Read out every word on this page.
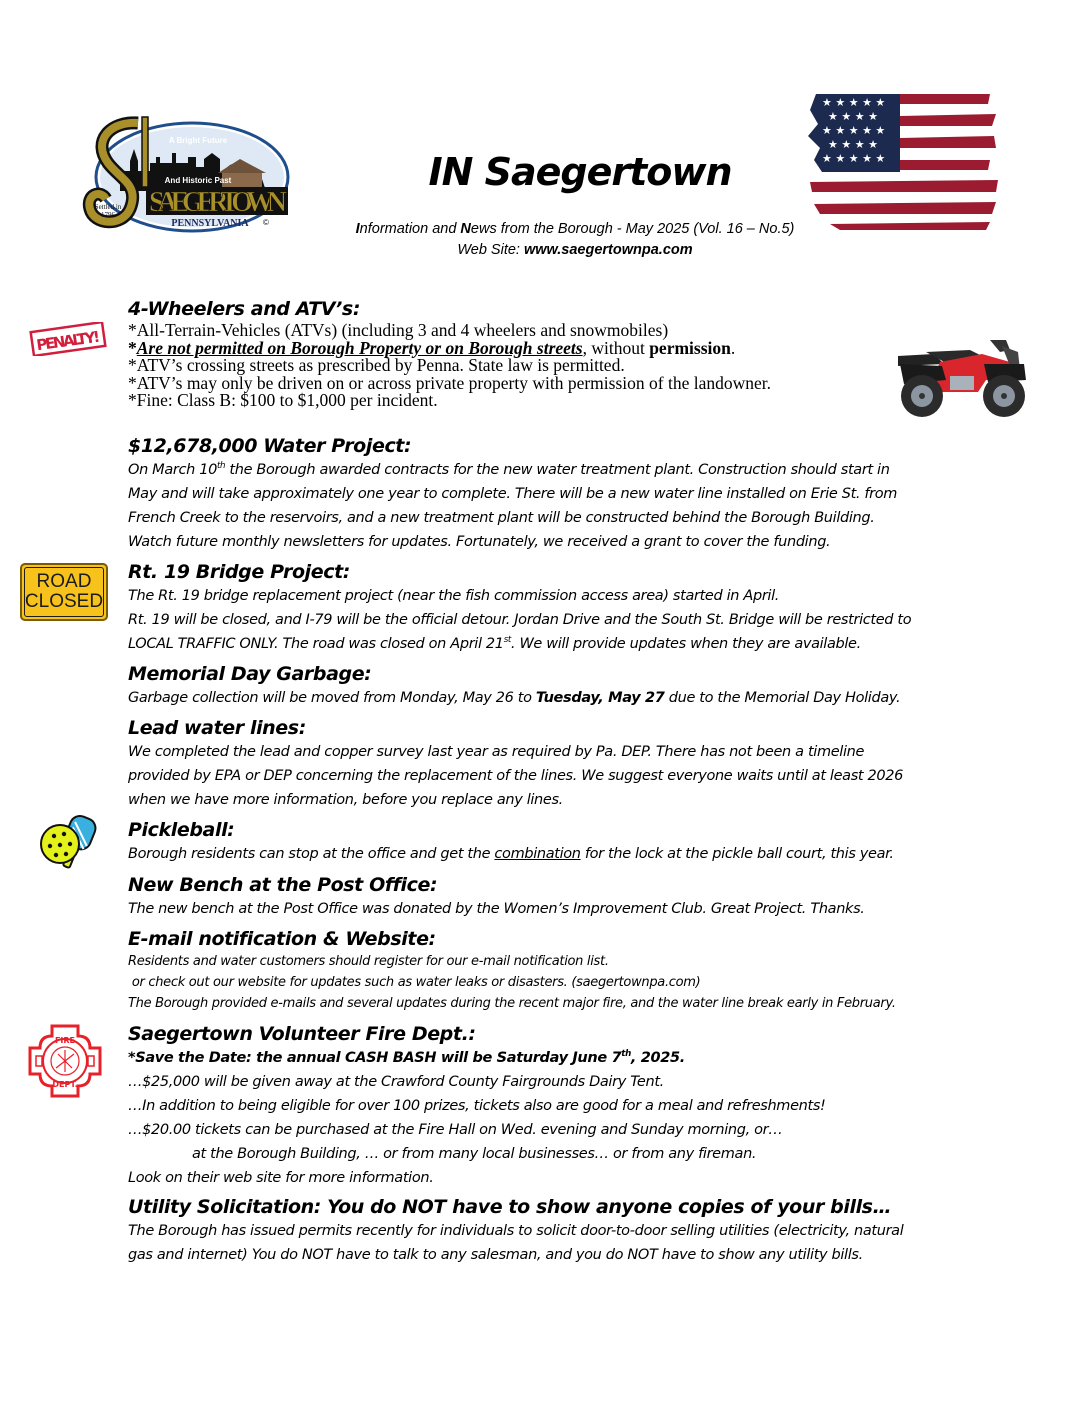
A Bright Future
And Historic Past
SAEGERTOWN
PENNSYLVANIA ©
Settled in
1796
IN Saegertown
Information and News from the Borough - May 2025 (Vol. 16 – No.5)
Web Site: www.saegertownpa.com
★ ★ ★ ★ ★
★ ★ ★ ★
★ ★ ★ ★ ★
★ ★ ★ ★
★ ★ ★ ★ ★
PENALTY!
ROAD
CLOSED
FIRE
DEPT.
4-Wheelers and ATV’s:
*All-Terrain-Vehicles (ATVs) (including 3 and 4 wheelers and snowmobiles)
*Are not permitted on Borough Property or on Borough streets, without permission.
*ATV’s crossing streets as prescribed by Penna. State law is permitted.
*ATV’s may only be driven on or across private property with permission of the landowner.
*Fine: Class B: $100 to $1,000 per incident.
$12,678,000 Water Project:
On March 10th the Borough awarded contracts for the new water treatment plant. Construction should start in
May and will take approximately one year to complete. There will be a new water line installed on Erie St. from
French Creek to the reservoirs, and a new treatment plant will be constructed behind the Borough Building.
Watch future monthly newsletters for updates. Fortunately, we received a grant to cover the funding.
Rt. 19 Bridge Project:
The Rt. 19 bridge replacement project (near the fish commission access area) started in April.
Rt. 19 will be closed, and I-79 will be the official detour. Jordan Drive and the South St. Bridge will be restricted to
LOCAL TRAFFIC ONLY. The road was closed on April 21st. We will provide updates when they are available.
Memorial Day Garbage:
Garbage collection will be moved from Monday, May 26 to Tuesday, May 27 due to the Memorial Day Holiday.
Lead water lines:
We completed the lead and copper survey last year as required by Pa. DEP. There has not been a timeline
provided by EPA or DEP concerning the replacement of the lines. We suggest everyone waits until at least 2026
when we have more information, before you replace any lines.
Pickleball:
Borough residents can stop at the office and get the combination for the lock at the pickle ball court, this year.
New Bench at the Post Office:
The new bench at the Post Office was donated by the Women’s Improvement Club. Great Project. Thanks.
E-mail notification & Website:
Residents and water customers should register for our e-mail notification list.
or check out our website for updates such as water leaks or disasters. (saegertownpa.com)
The Borough provided e-mails and several updates during the recent major fire, and the water line break early in February.
Saegertown Volunteer Fire Dept.:
*Save the Date: the annual CASH BASH will be Saturday June 7th, 2025.
…$25,000 will be given away at the Crawford County Fairgrounds Dairy Tent.
…In addition to being eligible for over 100 prizes, tickets also are good for a meal and refreshments!
…$20.00 tickets can be purchased at the Fire Hall on Wed. evening and Sunday morning, or…
at the Borough Building, … or from many local businesses… or from any fireman.
Look on their web site for more information.
Utility Solicitation: You do NOT have to show anyone copies of your bills…
The Borough has issued permits recently for individuals to solicit door-to-door selling utilities (electricity, natural
gas and internet) You do NOT have to talk to any salesman, and you do NOT have to show any utility bills.
